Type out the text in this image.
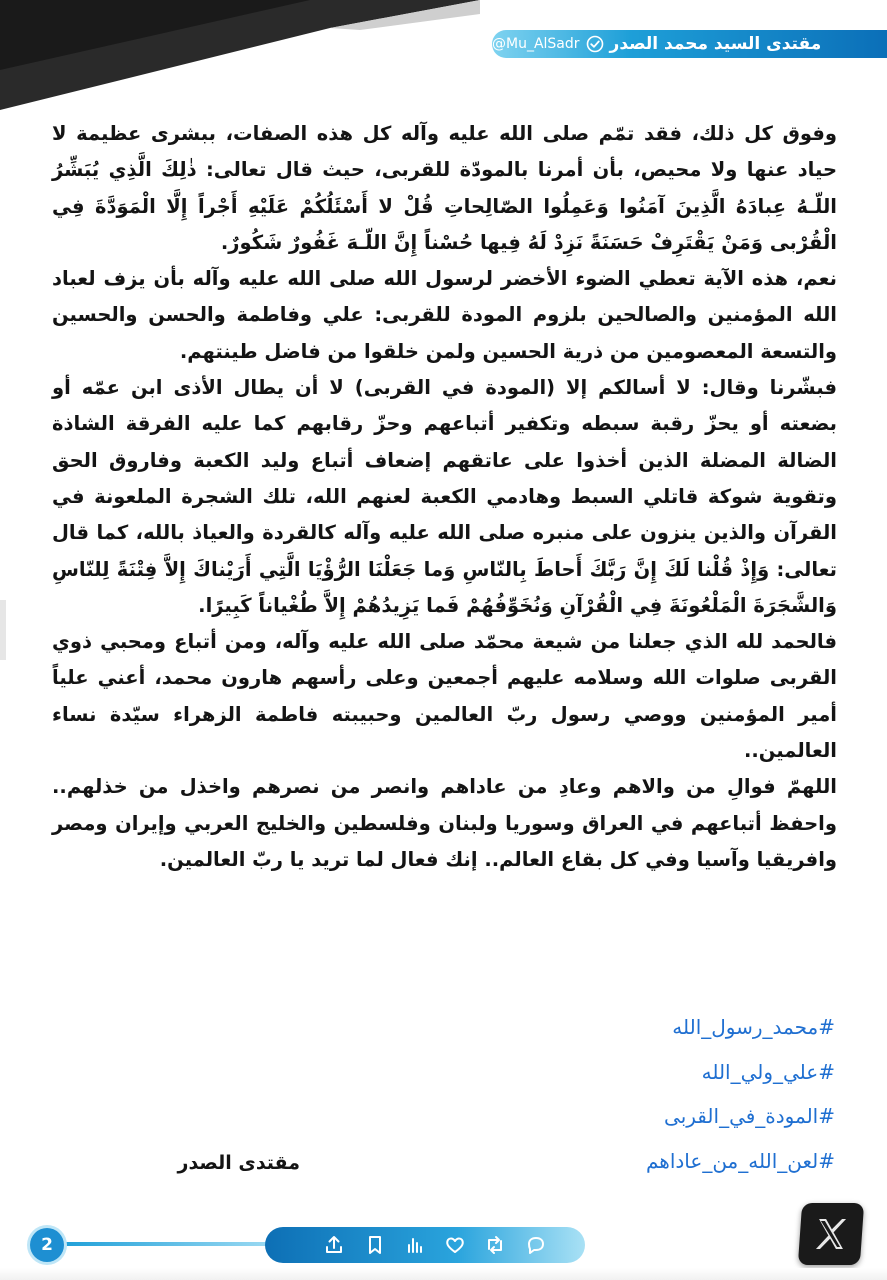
مقتدى السيد محمد الصدر
@Mu_AlSadr

وفوق كل ذلك، فقد تمّم صلى الله عليه وآله كل هذه الصفات، ببشرى عظيمة لا حياد عنها ولا محيص، بأن أمرنا بالمودّة للقربى، حيث قال تعالى: ذٰلِكَ الَّذِي يُبَشِّرُ اللّـهُ عِبادَهُ الَّذِينَ آمَنُوا وَعَمِلُوا الصّالِحاتِ قُلْ لا أَسْئَلُكُمْ عَلَيْهِ أَجْراً إِلَّا الْمَوَدَّةَ فِي الْقُرْبى وَمَنْ يَقْتَرِفْ حَسَنَةً نَزِدْ لَهُ فِيها حُسْناً إِنَّ اللّـهَ غَفُورٌ شَكُورٌ.

نعم، هذه الآية تعطي الضوء الأخضر لرسول الله صلى الله عليه وآله بأن يزف لعباد الله المؤمنين والصالحين بلزوم المودة للقربى: علي وفاطمة والحسن والحسين والتسعة المعصومين من ذرية الحسين ولمن خلقوا من فاضل طينتهم.

فبشّرنا وقال: لا أسالكم إلا (المودة في القربى) لا أن يطال الأذى ابن عمّه أو بضعته أو يحزّ رقبة سبطه وتكفير أتباعهم وحزّ رقابهم كما عليه الفرقة الشاذة الضالة المضلة الذين أخذوا على عاتقهم إضعاف أتباع وليد الكعبة وفاروق الحق وتقوية شوكة قاتلي السبط وهادمي الكعبة لعنهم الله، تلك الشجرة الملعونة في القرآن والذين ينزون على منبره صلى الله عليه وآله كالقردة والعياذ بالله، كما قال تعالى: وَإِذْ قُلْنا لَكَ إِنَّ رَبَّكَ أَحاطَ بِالنّاسِ وَما جَعَلْنَا الرُّؤْيَا الَّتِي أَرَيْناكَ إِلاَّ فِتْنَةً لِلنّاسِ وَالشَّجَرَةَ الْمَلْعُونَةَ فِي الْقُرْآنِ وَنُخَوِّفُهُمْ فَما يَزِيدُهُمْ إِلاَّ طُغْياناً كَبِيرًا.

فالحمد لله الذي جعلنا من شيعة محمّد صلى الله عليه وآله، ومن أتباع ومحبي ذوي القربى صلوات الله وسلامه عليهم أجمعين وعلى رأسهم هارون محمد، أعني علياً أمير المؤمنين ووصي رسول ربّ العالمين وحبيبته فاطمة الزهراء سيّدة نساء العالمين..

اللهمّ فوالِ من والاهم وعادِ من عاداهم وانصر من نصرهم واخذل من خذلهم.. واحفظ أتباعهم في العراق وسوريا ولبنان وفلسطين والخليج العربي وإيران ومصر وافريقيا وآسيا وفي كل بقاع العالم.. إنك فعال لما تريد يا ربّ العالمين.

#محمد_رسول_الله
#علي_ولي_الله
#المودة_في_القربى
#لعن_الله_من_عاداهم
مقتدى الصدر
2
